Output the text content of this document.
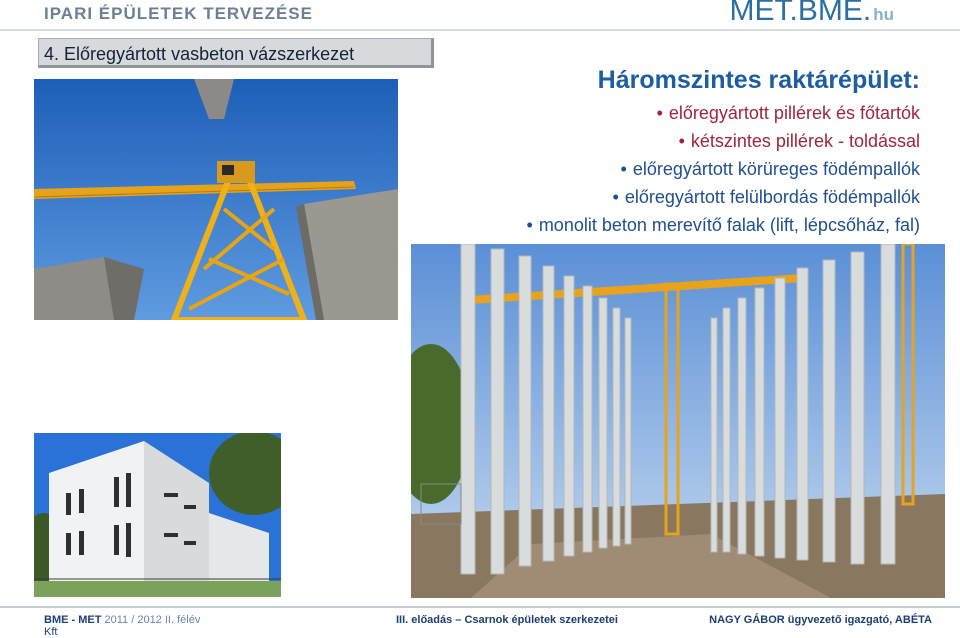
IPARI ÉPÜLETEK TERVEZÉSE	MET.BME. hu
4. Előregyártott vasbeton vázszerkezet
Háromszintes raktárépület:
• előregyártott pillérek és főtartók
• kétszintes pillérek - toldással
• előregyártott körüreges födémpallók
• előregyártott felülbordás födémpallók
• monolit beton merevítő falak (lift, lépcsőház, fal)
BME - MET 2011 / 2012 II. félév
Kft
III. előadás – Csarnok épületek szerkezetei	NAGY GÁBOR ügyvezető igazgató, ABÉTA
